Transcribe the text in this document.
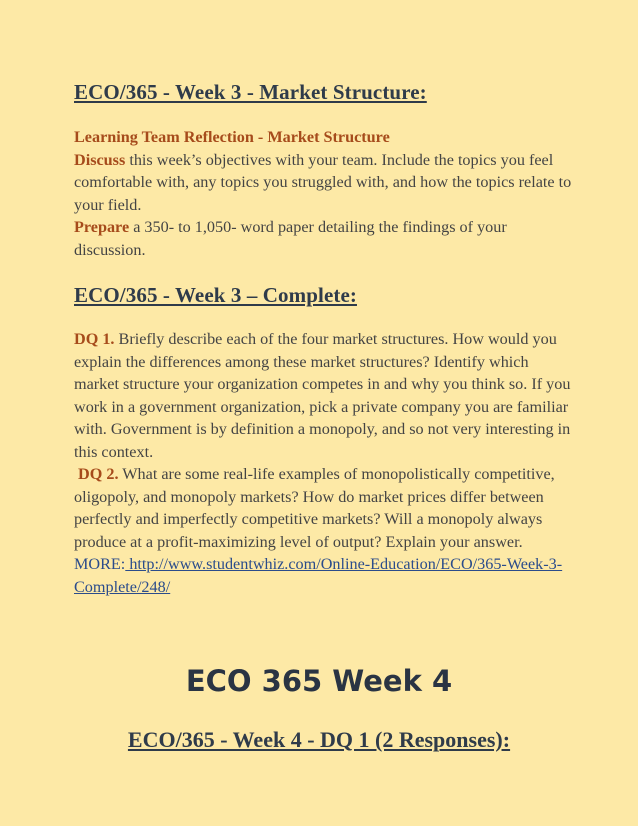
ECO/365 - Week 3 - Market Structure:
Learning Team Reflection - Market Structure
Discuss this week’s objectives with your team. Include the topics you feel comfortable with, any topics you struggled with, and how the topics relate to your field.
Prepare a 350- to 1,050- word paper detailing the findings of your discussion.
ECO/365 - Week 3 – Complete:
DQ 1. Briefly describe each of the four market structures. How would you explain the differences among these market structures? Identify which market structure your organization competes in and why you think so. If you work in a government organization, pick a private company you are familiar with. Government is by definition a monopoly, and so not very interesting in this context.
DQ 2. What are some real-life examples of monopolistically competitive, oligopoly, and monopoly markets? How do market prices differ between perfectly and imperfectly competitive markets? Will a monopoly always produce at a profit-maximizing level of output? Explain your answer.
MORE: http://www.studentwhiz.com/Online-Education/ECO/365-Week-3-Complete/248/
ECO 365 Week 4
ECO/365 - Week 4 - DQ 1 (2 Responses):
